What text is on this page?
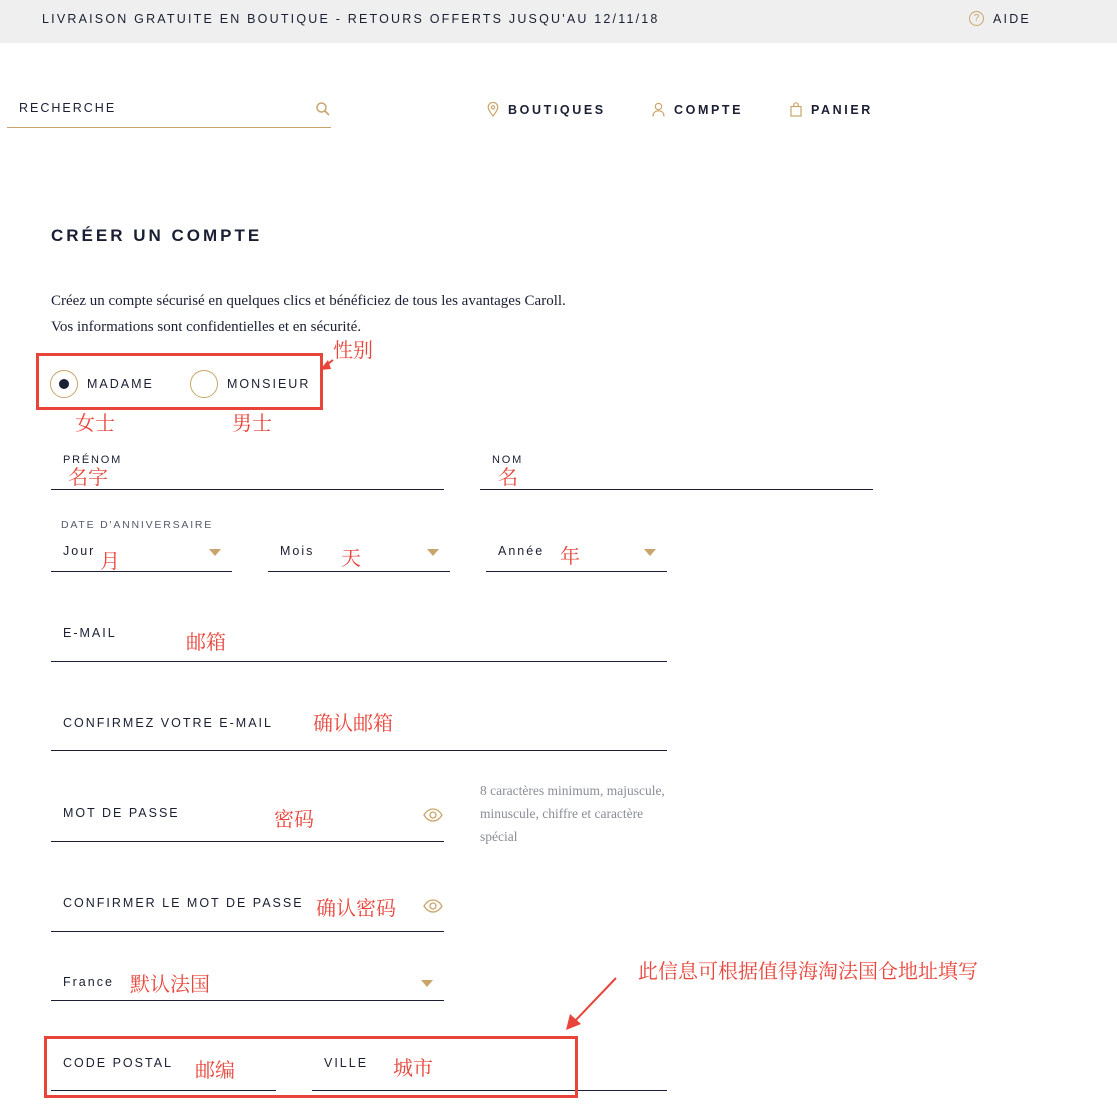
LIVRAISON GRATUITE EN BOUTIQUE - RETOURS OFFERTS JUSQU'AU 12/11/18	?	AIDE
RECHERCHE	BOUTIQUES	COMPTE	PANIER
CRÉER UN COMPTE
Créez un compte sécurisé en quelques clics et bénéficiez de tous les avantages Caroll.
Vos informations sont confidentielles et en sécurité.
MADAME	MONSIEUR
PRÉNOM	NOM
DATE D'ANNIVERSAIRE
Jour	Mois	Année
E-MAIL
CONFIRMEZ VOTRE E-MAIL
MOT DE PASSE
8 caractères minimum, majuscule,
minuscule, chiffre et caractère
spécial
CONFIRMER LE MOT DE PASSE
France
CODE POSTAL	VILLE
性别
女士	男士
名字	名
月	天	年
邮箱
确认邮箱
密码
确认密码
默认法国
此信息可根据值得海淘法国仓地址填写
邮编	城市
